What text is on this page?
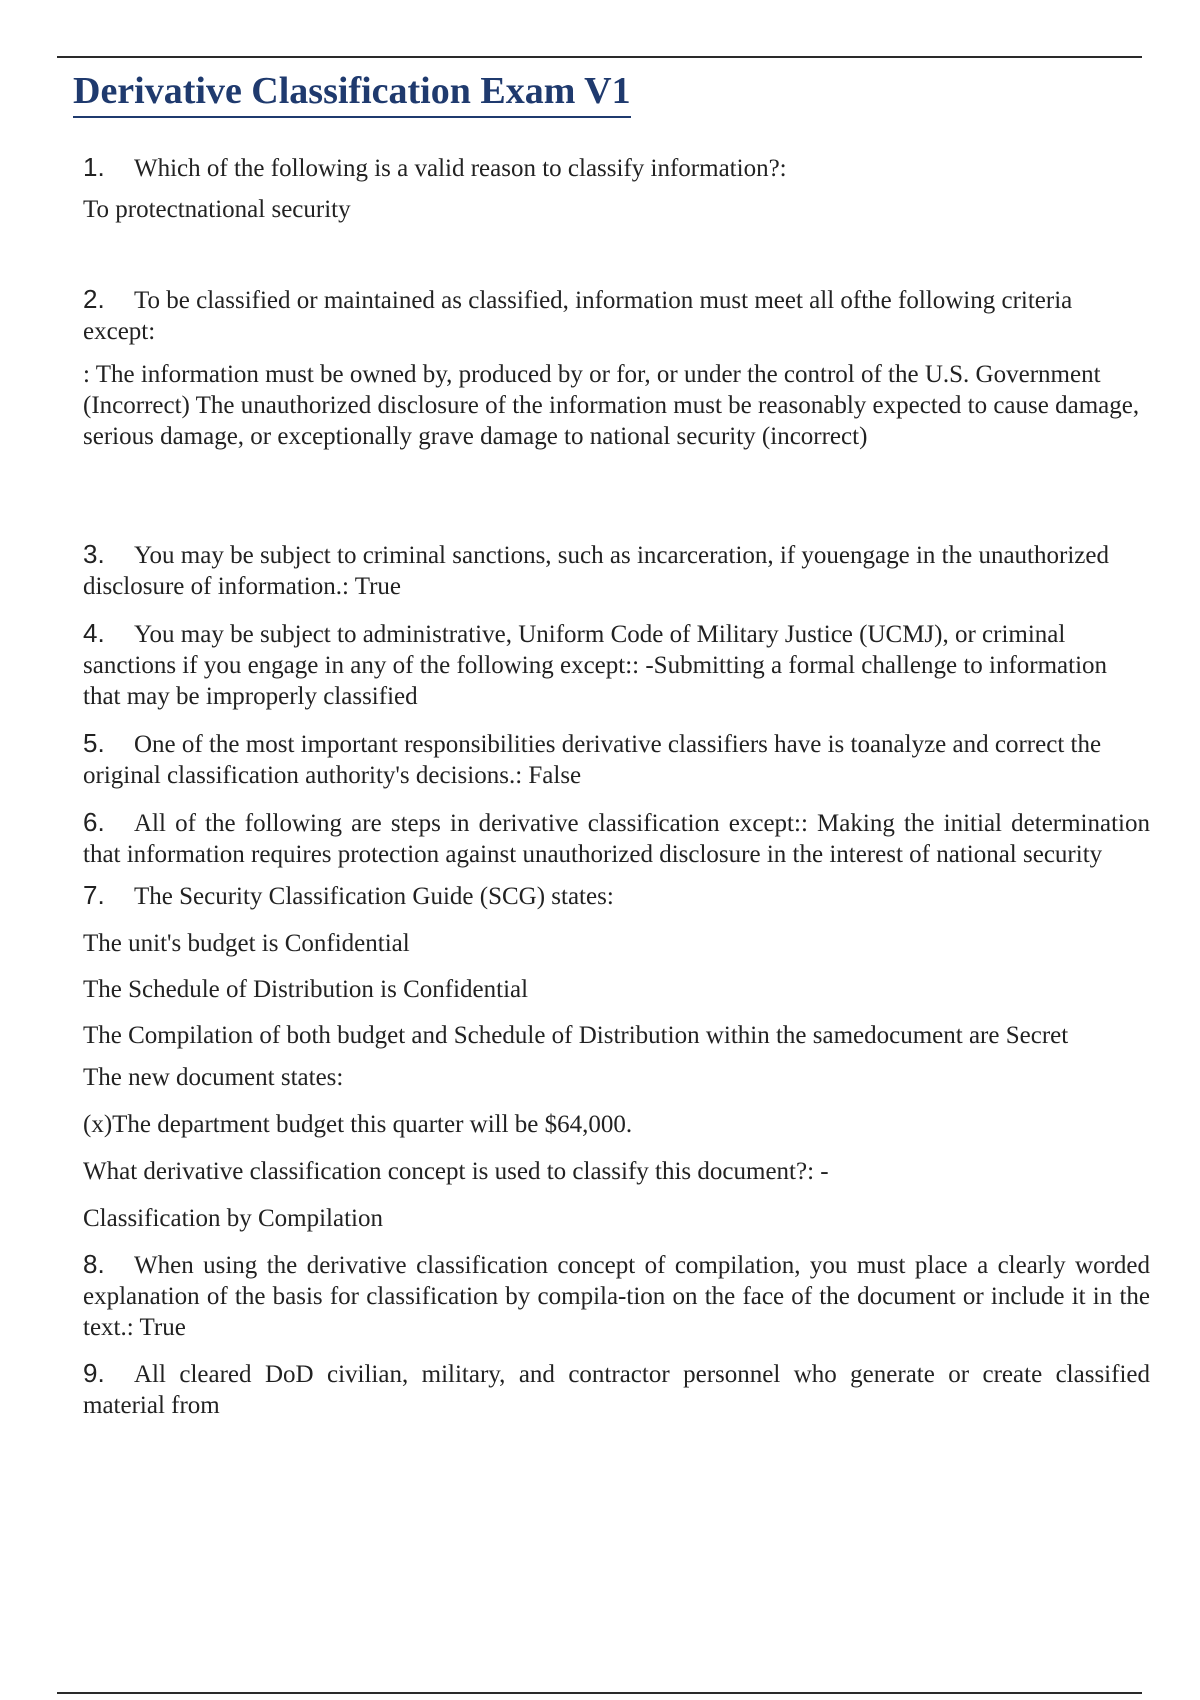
Derivative Classification Exam V1

1. Which of the following is a valid reason to classify information?:

To protectnational security

2. To be classified or maintained as classified, information must meet all ofthe following criteria except:

: The information must be owned by, produced by or for, or under the control of the U.S. Government (Incorrect) The unauthorized disclosure of the information must be reasonably expected to cause damage, serious damage, or exceptionally grave damage to national security (incorrect)

3. You may be subject to criminal sanctions, such as incarceration, if youengage in the unauthorized disclosure of information.: True

4. You may be subject to administrative, Uniform Code of Military Justice (UCMJ), or criminal sanctions if you engage in any of the following except:: -Submitting a formal challenge to information that may be improperly classified

5. One of the most important responsibilities derivative classifiers have is toanalyze and correct the original classification authority's decisions.: False

6. All of the following are steps in derivative classification except:: Making the initial determination that information requires protection against unauthorized disclosure in the interest of national security

7. The Security Classification Guide (SCG) states:

The unit's budget is Confidential

The Schedule of Distribution is Confidential

The Compilation of both budget and Schedule of Distribution within the samedocument are Secret

The new document states:

(x)The department budget this quarter will be $64,000.

What derivative classification concept is used to classify this document?: -

Classification by Compilation

8. When using the derivative classification concept of compilation, you must place a clearly worded explanation of the basis for classification by compila-tion on the face of the document or include it in the text.: True

9. All cleared DoD civilian, military, and contractor personnel who generate or create classified material from
